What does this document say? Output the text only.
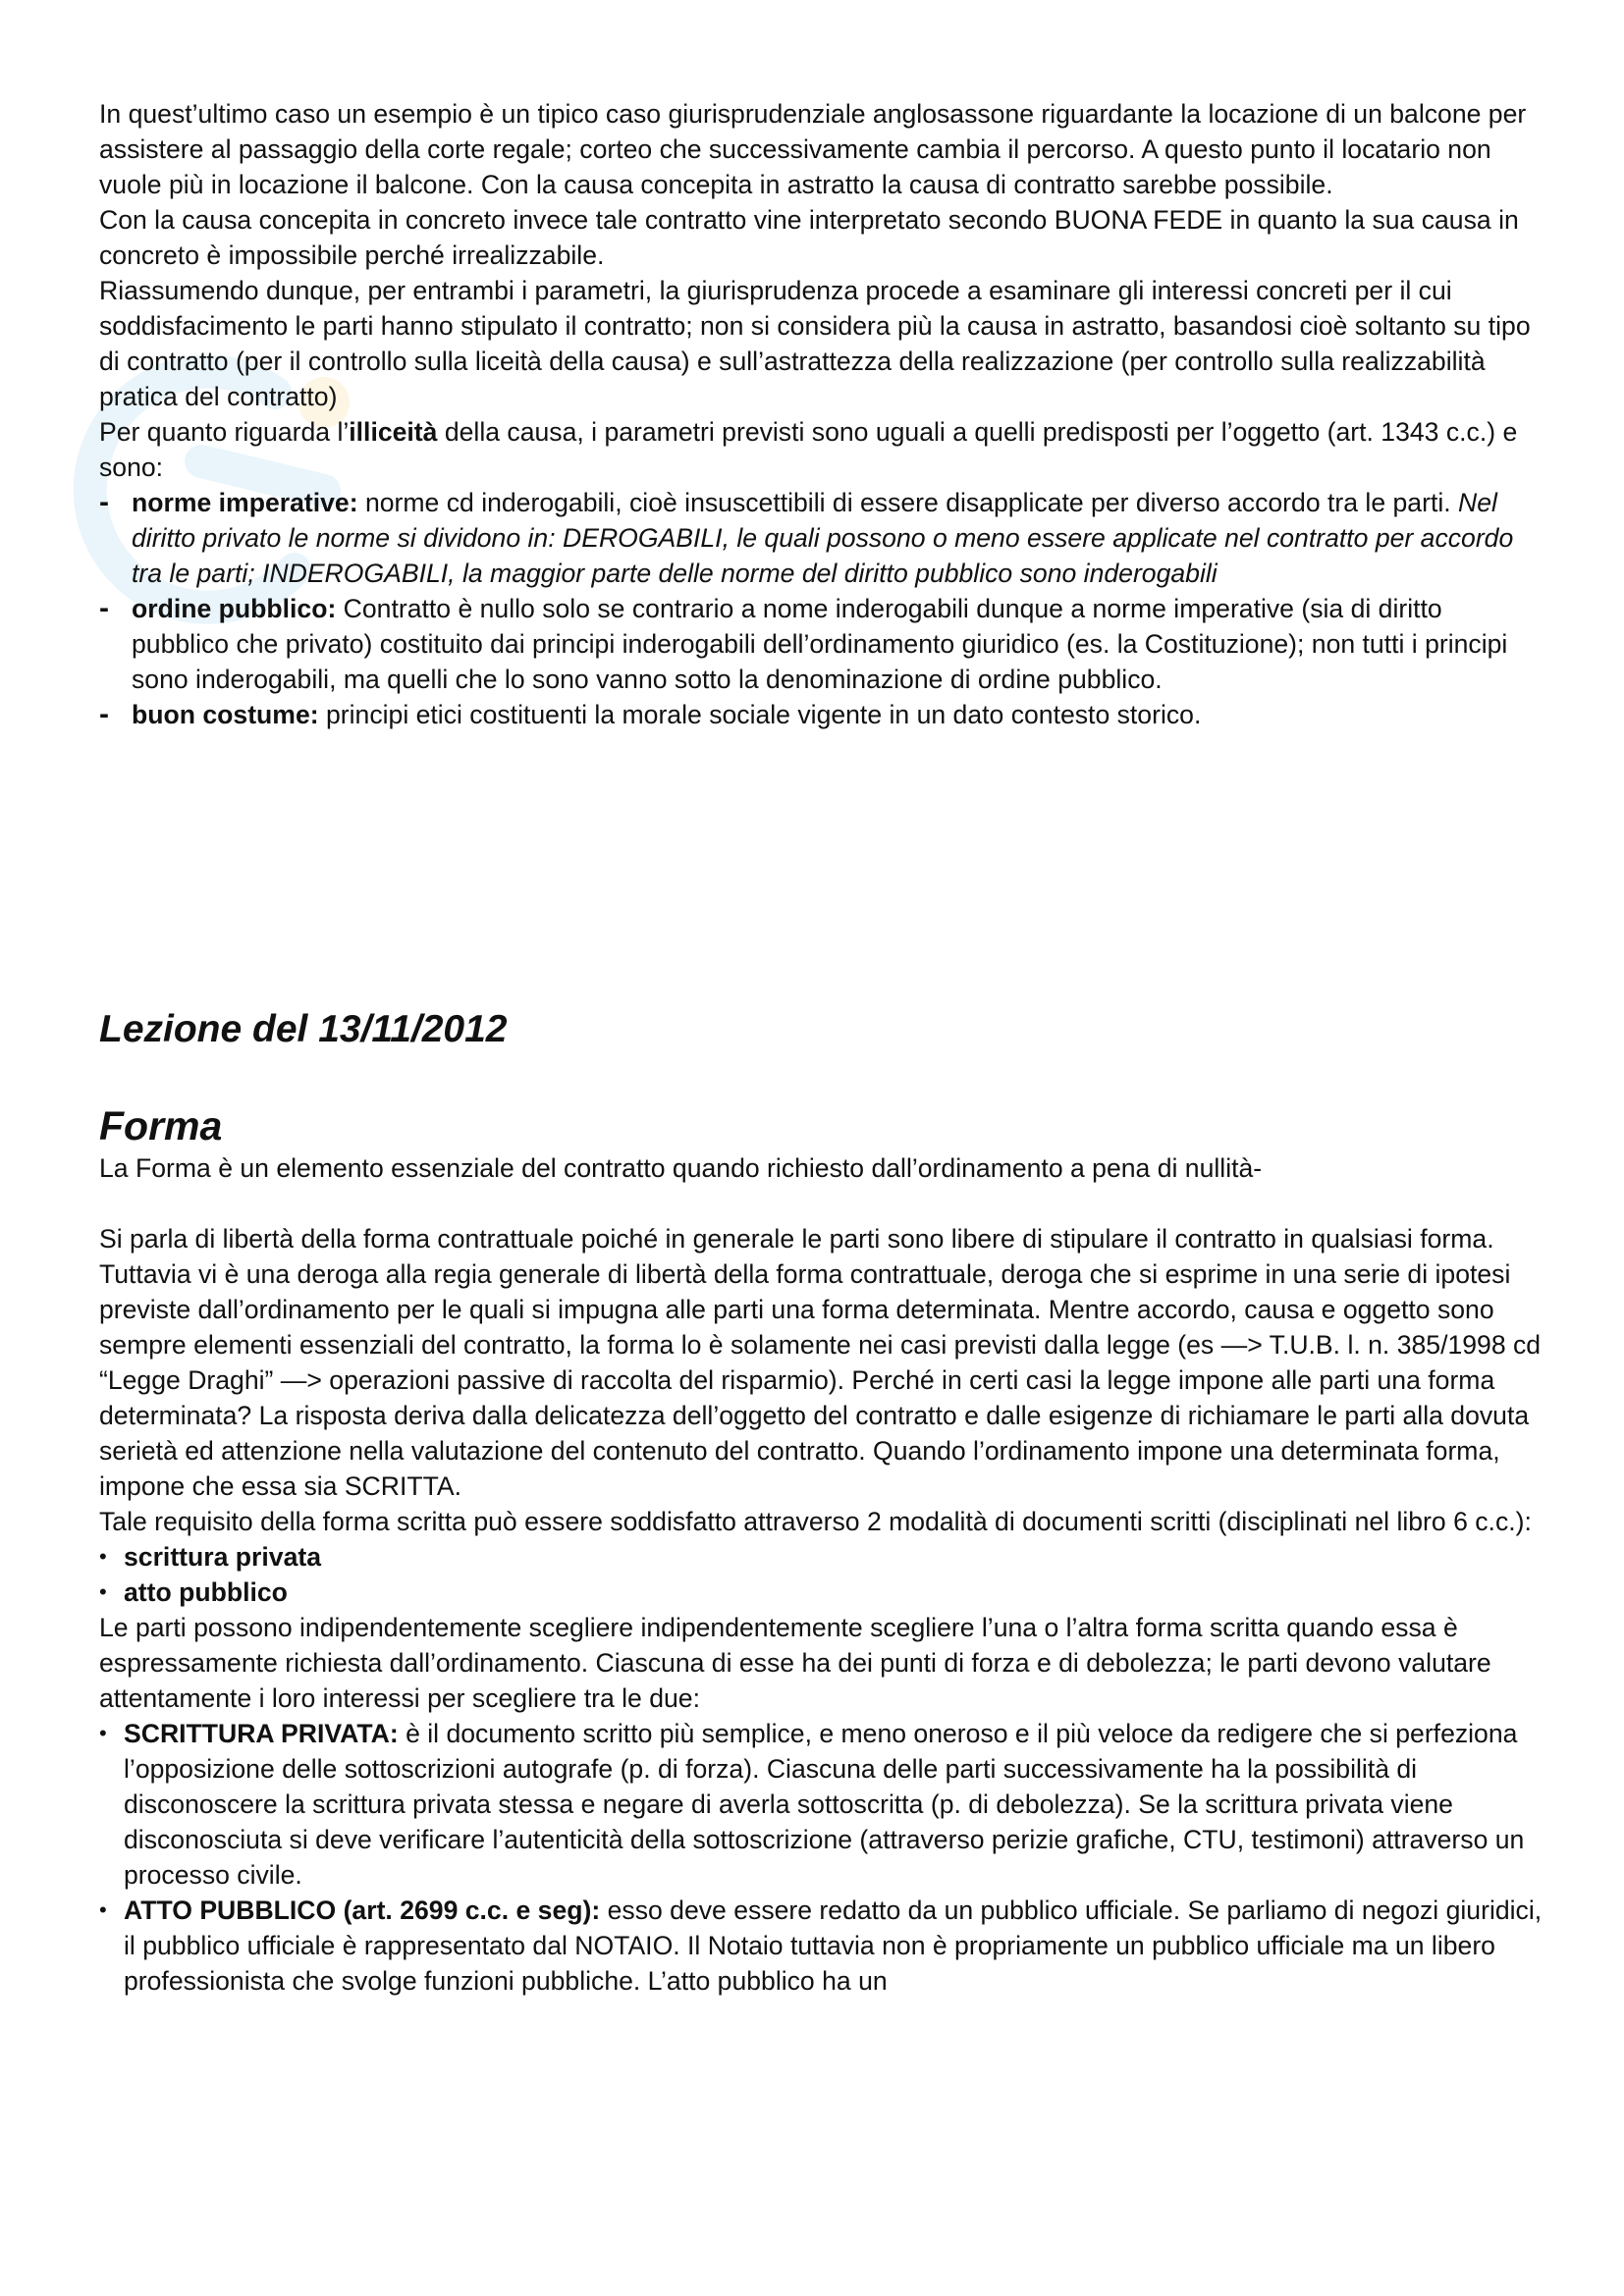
In quest’ultimo caso un esempio è un tipico caso giurisprudenziale anglosassone riguardante la locazione di un balcone per assistere al passaggio della corte regale; corteo che successivamente cambia il percorso. A questo punto il locatario non vuole più in locazione il balcone. Con la causa concepita in astratto la causa di contratto sarebbe possibile.

Con la causa concepita in concreto invece tale contratto vine interpretato secondo BUONA FEDE in quanto la sua causa in concreto è impossibile perché irrealizzabile.

Riassumendo dunque, per entrambi i parametri, la giurisprudenza procede a esaminare gli interessi concreti per il cui soddisfacimento le parti hanno stipulato il contratto; non si considera più la causa in astratto, basandosi cioè soltanto su tipo di contratto (per il controllo sulla liceità della causa) e sull’astrattezza della realizzazione (per controllo sulla realizzabilità pratica del contratto)

Per quanto riguarda l’illiceità della causa, i parametri previsti sono uguali a quelli predisposti per l’oggetto (art. 1343 c.c.) e sono:

- norme imperative: norme cd inderogabili, cioè insuscettibili di essere disapplicate per diverso accordo tra le parti. Nel diritto privato le norme si dividono in: DEROGABILI, le quali possono o meno essere applicate nel contratto per accordo tra le parti; INDEROGABILI, la maggior parte delle norme del diritto pubblico sono inderogabili
- ordine pubblico: Contratto è nullo solo se contrario a nome inderogabili dunque a norme imperative (sia di diritto pubblico che privato) costituito dai principi inderogabili dell’ordinamento giuridico (es. la Costituzione); non tutti i principi sono inderogabili, ma quelli che lo sono vanno sotto la denominazione di ordine pubblico.
- buon costume: principi etici costituenti la morale sociale vigente in un dato contesto storico.
Lezione del 13/11/2012
Forma

La Forma è un elemento essenziale del contratto quando richiesto dall’ordinamento a pena di nullità-

Si parla di libertà della forma contrattuale poiché in generale le parti sono libere di stipulare il contratto in qualsiasi forma. Tuttavia vi è una deroga alla regia generale di libertà della forma contrattuale, deroga che si esprime in una serie di ipotesi previste dall’ordinamento per le quali si impugna alle parti una forma determinata. Mentre accordo, causa e oggetto sono sempre elementi essenziali del contratto, la forma lo è solamente nei casi previsti dalla legge (es —> T.U.B. l. n. 385/1998 cd “Legge Draghi” —> operazioni passive di raccolta del risparmio). Perché in certi casi la legge impone alle parti una forma determinata? La risposta deriva dalla delicatezza dell’oggetto del contratto e dalle esigenze di richiamare le parti alla dovuta serietà ed attenzione nella valutazione del contenuto del contratto. Quando l’ordinamento impone una determinata forma, impone che essa sia SCRITTA.

Tale requisito della forma scritta può essere soddisfatto attraverso 2 modalità di documenti scritti (disciplinati nel libro 6 c.c.):

• scrittura privata
• atto pubblico

Le parti possono indipendentemente scegliere indipendentemente scegliere l’una o l’altra forma scritta quando essa è espressamente richiesta dall’ordinamento. Ciascuna di esse ha dei punti di forza e di debolezza; le parti devono valutare attentamente i loro interessi per scegliere tra le due:

• SCRITTURA PRIVATA: è il documento scritto più semplice, e meno oneroso e il più veloce da redigere che si perfeziona l’opposizione delle sottoscrizioni autografe (p. di forza). Ciascuna delle parti successivamente ha la possibilità di disconoscere la scrittura privata stessa e negare di averla sottoscritta (p. di debolezza). Se la scrittura privata viene disconosciuta si deve verificare l’autenticità della sottoscrizione (attraverso perizie grafiche, CTU, testimoni) attraverso un processo civile.
• ATTO PUBBLICO (art. 2699 c.c. e seg): esso deve essere redatto da un pubblico ufficiale. Se parliamo di negozi giuridici, il pubblico ufficiale è rappresentato dal NOTAIO. Il Notaio tuttavia non è propriamente un pubblico ufficiale ma un libero professionista che svolge funzioni pubbliche. L’atto pubblico ha un
